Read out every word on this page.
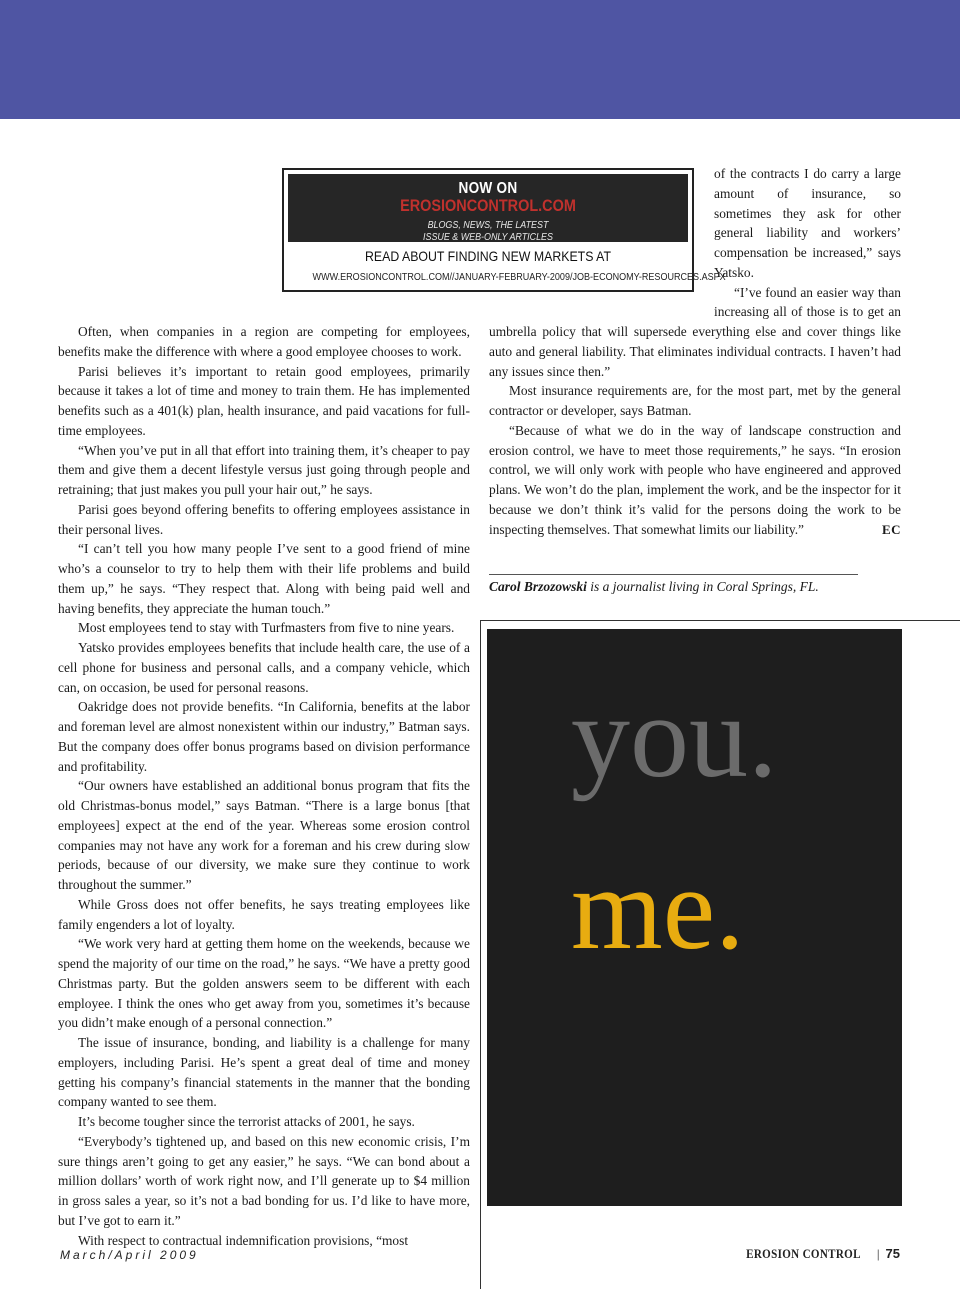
Often, when companies in a region are competing for employees, benefits make the difference with where a good employee chooses to work.

Parisi believes it’s important to retain good employees, primarily because it takes a lot of time and money to train them. He has implemented benefits such as a 401(k) plan, health insurance, and paid vacations for full-time employees.

“When you’ve put in all that effort into training them, it’s cheaper to pay them and give them a decent lifestyle versus just going through people and retraining; that just makes you pull your hair out,” he says.

Parisi goes beyond offering benefits to offering employees assistance in their personal lives.

“I can’t tell you how many people I’ve sent to a good friend of mine who’s a counselor to try to help them with their life problems and build them up,” he says. “They respect that. Along with being paid well and having benefits, they appreciate the human touch.”

Most employees tend to stay with Turfmasters from five to nine years.

Yatsko provides employees benefits that include health care, the use of a cell phone for business and personal calls, and a company vehicle, which can, on occasion, be used for personal reasons.

Oakridge does not provide benefits. “In California, benefits at the labor and foreman level are almost nonexistent within our industry,” Batman says. But the company does offer bonus programs based on division performance and profitability.

“Our owners have established an additional bonus program that fits the old Christmas-bonus model,” says Batman. “There is a large bonus [that employees] expect at the end of the year. Whereas some erosion control companies may not have any work for a foreman and his crew during slow periods, because of our diversity, we make sure they continue to work throughout the summer.”

While Gross does not offer benefits, he says treating employees like family engenders a lot of loyalty.

“We work very hard at getting them home on the weekends, because we spend the majority of our time on the road,” he says. “We have a pretty good Christmas party. But the golden answers seem to be different with each employee. I think the ones who get away from you, sometimes it’s because you didn’t make enough of a personal connection.”

The issue of insurance, bonding, and liability is a challenge for many employers, including Parisi. He’s spent a great deal of time and money getting his company’s financial statements in the manner that the bonding company wanted to see them.

It’s become tougher since the terrorist attacks of 2001, he says.

“Everybody’s tightened up, and based on this new economic crisis, I’m sure things aren’t going to get any easier,” he says. “We can bond about a million dollars’ worth of work right now, and I’ll generate up to $4 million in gross sales a year, so it’s not a bad bonding for us. I’d like to have more, but I’ve got to earn it.”

With respect to contractual indemnification provisions, “most

of the contracts I do carry a large amount of insurance, so sometimes they ask for other general liability and workers’ compensation be increased,” says Yatsko.

“I’ve found an easier way than increasing all of those is to get an umbrella policy that will supersede everything else and cover things like auto and general liability. That eliminates individual contracts. I haven’t had any issues since then.”

Most insurance requirements are, for the most part, met by the general contractor or developer, says Batman.

“Because of what we do in the way of landscape construction and erosion control, we have to meet those requirements,” he says. “In erosion control, we will only work with people who have engineered and approved plans. We won’t do the plan, implement the work, and be the inspector for it because we don’t think it’s valid for the persons doing the work to be inspecting themselves. That somewhat limits our liability.”	EC
NOW ON
EROSIONCONTROL.COM
BLOGS, NEWS, THE LATEST
ISSUE & WEB-ONLY ARTICLES
READ ABOUT FINDING NEW MARKETS AT
WWW.EROSIONCONTROL.COM//JANUARY-FEBRUARY-2009/JOB-ECONOMY-RESOURCES.ASPX
Carol Brzozowski is a journalist living in Coral Springs, FL.
you.
me.
March/April 2009	EROSION CONTROL | 75
